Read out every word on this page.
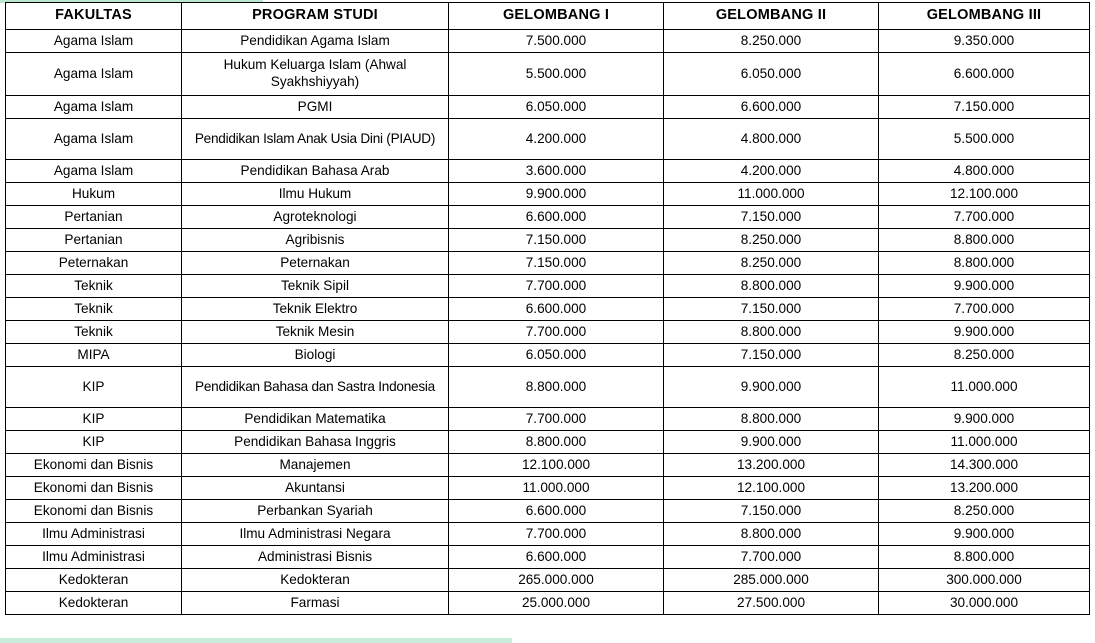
FAKULTAS	PROGRAM STUDI	GELOMBANG I	GELOMBANG II	GELOMBANG III
Agama Islam	Pendidikan Agama Islam	7.500.000	8.250.000	9.350.000
Agama Islam	Hukum Keluarga Islam (Ahwal Syakhshiyyah)	5.500.000	6.050.000	6.600.000
Agama Islam	PGMI	6.050.000	6.600.000	7.150.000
Agama Islam	Pendidikan Islam Anak Usia Dini (PIAUD)	4.200.000	4.800.000	5.500.000
Agama Islam	Pendidikan Bahasa Arab	3.600.000	4.200.000	4.800.000
Hukum	Ilmu Hukum	9.900.000	11.000.000	12.100.000
Pertanian	Agroteknologi	6.600.000	7.150.000	7.700.000
Pertanian	Agribisnis	7.150.000	8.250.000	8.800.000
Peternakan	Peternakan	7.150.000	8.250.000	8.800.000
Teknik	Teknik Sipil	7.700.000	8.800.000	9.900.000
Teknik	Teknik Elektro	6.600.000	7.150.000	7.700.000
Teknik	Teknik Mesin	7.700.000	8.800.000	9.900.000
MIPA	Biologi	6.050.000	7.150.000	8.250.000
KIP	Pendidikan Bahasa dan Sastra Indonesia	8.800.000	9.900.000	11.000.000
KIP	Pendidikan Matematika	7.700.000	8.800.000	9.900.000
KIP	Pendidikan Bahasa Inggris	8.800.000	9.900.000	11.000.000
Ekonomi dan Bisnis	Manajemen	12.100.000	13.200.000	14.300.000
Ekonomi dan Bisnis	Akuntansi	11.000.000	12.100.000	13.200.000
Ekonomi dan Bisnis	Perbankan Syariah	6.600.000	7.150.000	8.250.000
Ilmu Administrasi	Ilmu Administrasi Negara	7.700.000	8.800.000	9.900.000
Ilmu Administrasi	Administrasi Bisnis	6.600.000	7.700.000	8.800.000
Kedokteran	Kedokteran	265.000.000	285.000.000	300.000.000
Kedokteran	Farmasi	25.000.000	27.500.000	30.000.000
